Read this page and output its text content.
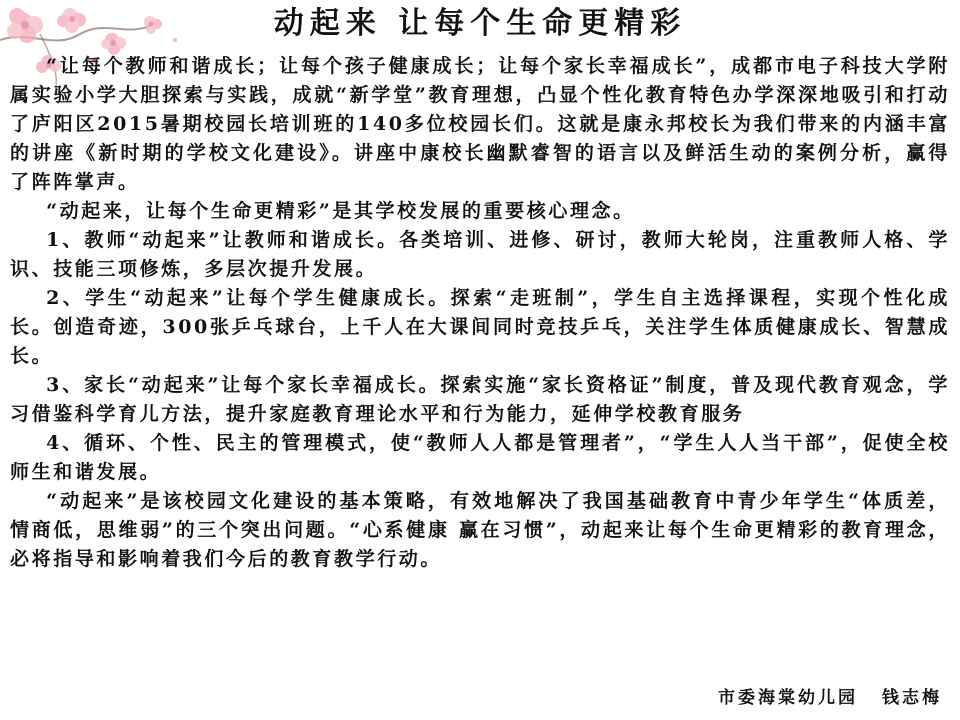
动起来 让每个生命更精彩

“让每个教师和谐成长；让每个孩子健康成长；让每个家长幸福成长”，成都市电子科技大学附属实验小学大胆探索与实践，成就“新学堂”教育理想，凸显个性化教育特色办学深深地吸引和打动了庐阳区2015暑期校园长培训班的140多位校园长们。这就是康永邦校长为我们带来的内涵丰富的讲座《新时期的学校文化建设》。讲座中康校长幽默睿智的语言以及鲜活生动的案例分析，赢得了阵阵掌声。

“动起来，让每个生命更精彩”是其学校发展的重要核心理念。

1、教师“动起来”让教师和谐成长。各类培训、进修、研讨，教师大轮岗，注重教师人格、学识、技能三项修炼，多层次提升发展。

2、学生“动起来”让每个学生健康成长。探索“走班制”，学生自主选择课程，实现个性化成长。创造奇迹，300张乒乓球台，上千人在大课间同时竞技乒乓，关注学生体质健康成长、智慧成长。

3、家长“动起来”让每个家长幸福成长。探索实施“家长资格证”制度，普及现代教育观念，学习借鉴科学育儿方法，提升家庭教育理论水平和行为能力，延伸学校教育服务

4、循环、个性、民主的管理模式，使“教师人人都是管理者”，“学生人人当干部”，促使全校师生和谐发展。

“动起来”是该校园文化建设的基本策略，有效地解决了我国基础教育中青少年学生“体质差，情商低，思维弱”的三个突出问题。“心系健康 赢在习惯”，动起来让每个生命更精彩的教育理念，必将指导和影响着我们今后的教育教学行动。

市委海棠幼儿园 钱志梅
